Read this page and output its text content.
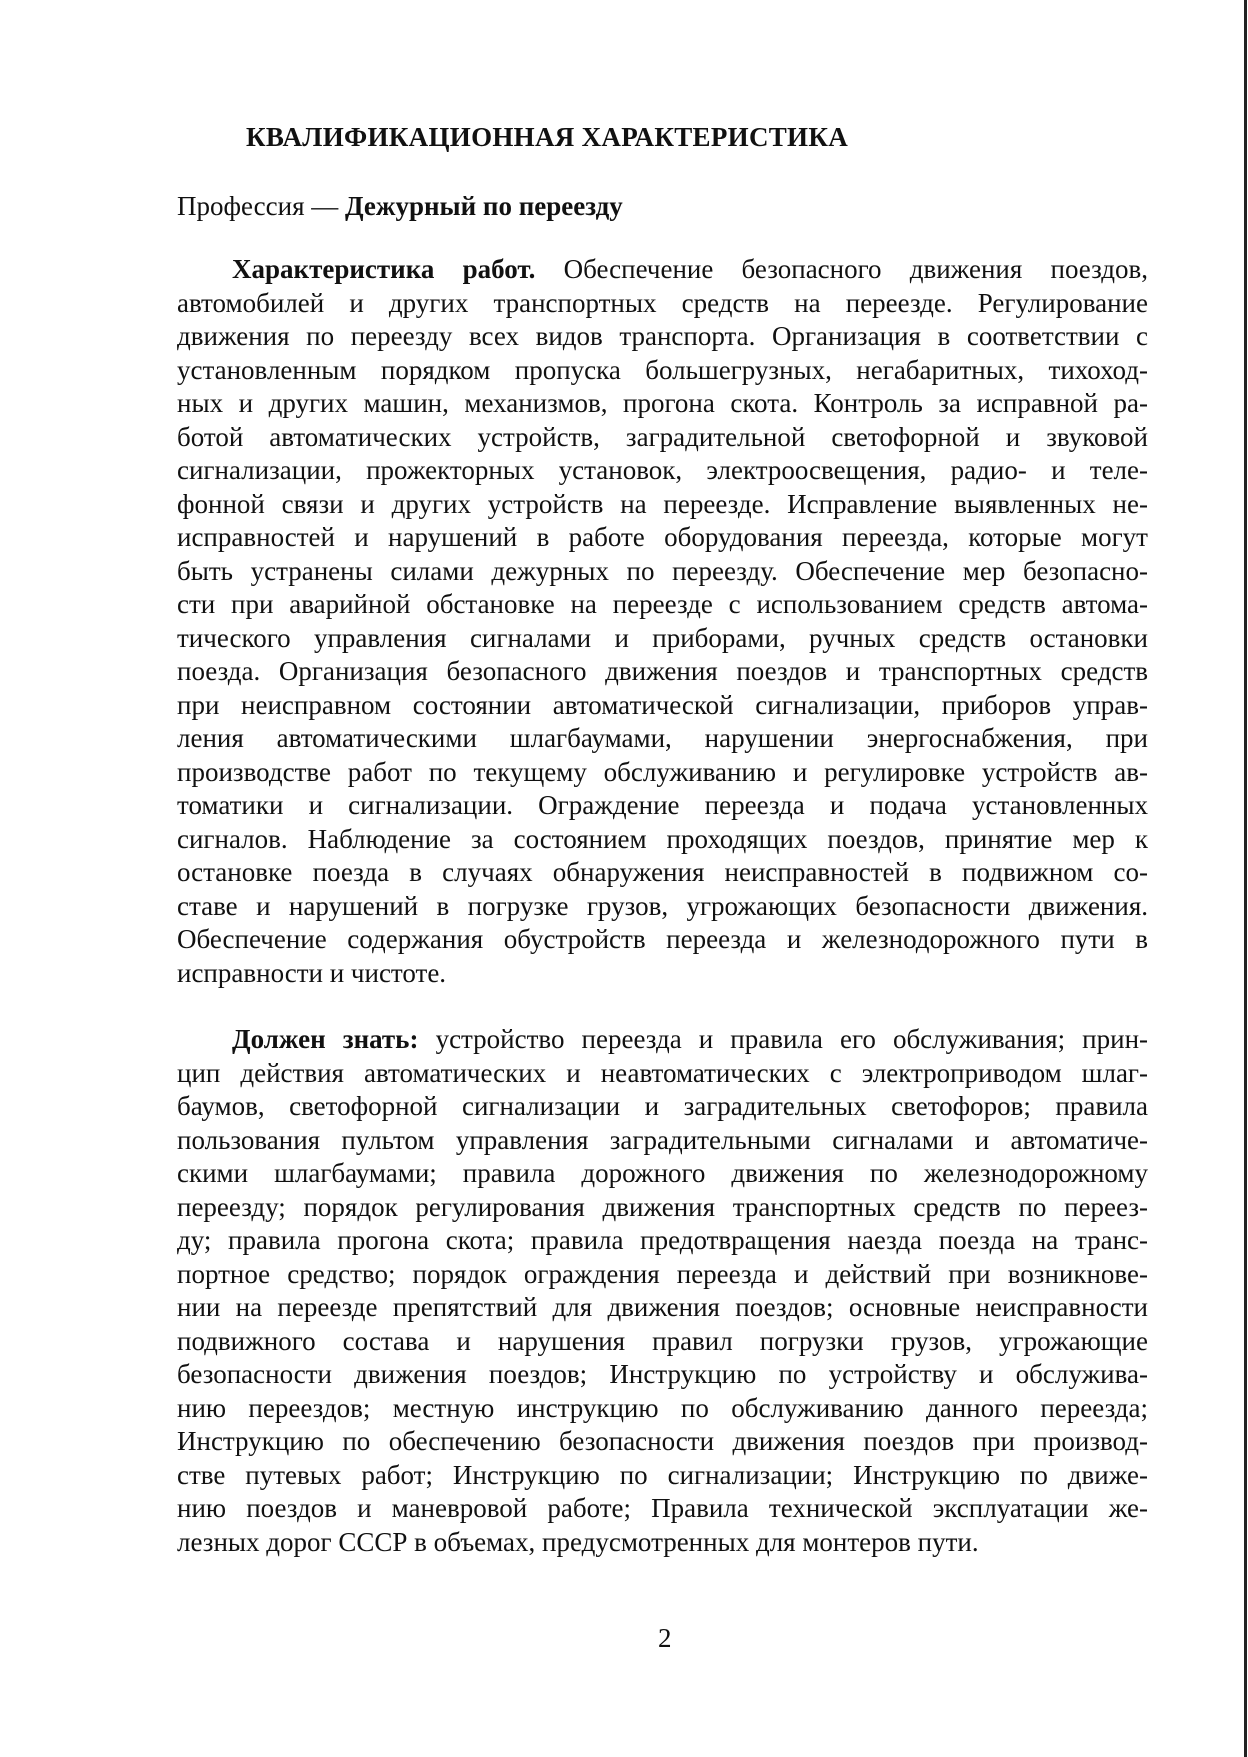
КВАЛИФИКАЦИОННАЯ ХАРАКТЕРИСТИКА
Профессия — Дежурный по переезду
Характеристика работ. Обеспечение безопасного движения поездов,
автомобилей и других транспортных средств на переезде. Регулирование
движения по переезду всех видов транспорта. Организация в соответствии с
установленным порядком пропуска большегрузных, негабаритных, тихоход-
ных и других машин, механизмов, прогона скота. Контроль за исправной ра-
ботой автоматических устройств, заградительной светофорной и звуковой
сигнализации, прожекторных установок, электроосвещения, радио- и теле-
фонной связи и других устройств на переезде. Исправление выявленных не-
исправностей и нарушений в работе оборудования переезда, которые могут
быть устранены силами дежурных по переезду. Обеспечение мер безопасно-
сти при аварийной обстановке на переезде с использованием средств автома-
тического управления сигналами и приборами, ручных средств остановки
поезда. Организация безопасного движения поездов и транспортных средств
при неисправном состоянии автоматической сигнализации, приборов управ-
ления автоматическими шлагбаумами, нарушении энергоснабжения, при
производстве работ по текущему обслуживанию и регулировке устройств ав-
томатики и сигнализации. Ограждение переезда и подача установленных
сигналов. Наблюдение за состоянием проходящих поездов, принятие мер к
остановке поезда в случаях обнаружения неисправностей в подвижном со-
ставе и нарушений в погрузке грузов, угрожающих безопасности движения.
Обеспечение содержания обустройств переезда и железнодорожного пути в
исправности и чистоте.
Должен знать: устройство переезда и правила его обслуживания; прин-
цип действия автоматических и неавтоматических с электроприводом шлаг-
баумов, светофорной сигнализации и заградительных светофоров; правила
пользования пультом управления заградительными сигналами и автоматиче-
скими шлагбаумами; правила дорожного движения по железнодорожному
переезду; порядок регулирования движения транспортных средств по переез-
ду; правила прогона скота; правила предотвращения наезда поезда на транс-
портное средство; порядок ограждения переезда и действий при возникнове-
нии на переезде препятствий для движения поездов; основные неисправности
подвижного состава и нарушения правил погрузки грузов, угрожающие
безопасности движения поездов; Инструкцию по устройству и обслужива-
нию переездов; местную инструкцию по обслуживанию данного переезда;
Инструкцию по обеспечению безопасности движения поездов при производ-
стве путевых работ; Инструкцию по сигнализации; Инструкцию по движе-
нию поездов и маневровой работе; Правила технической эксплуатации же-
лезных дорог СССР в объемах, предусмотренных для монтеров пути.
2
